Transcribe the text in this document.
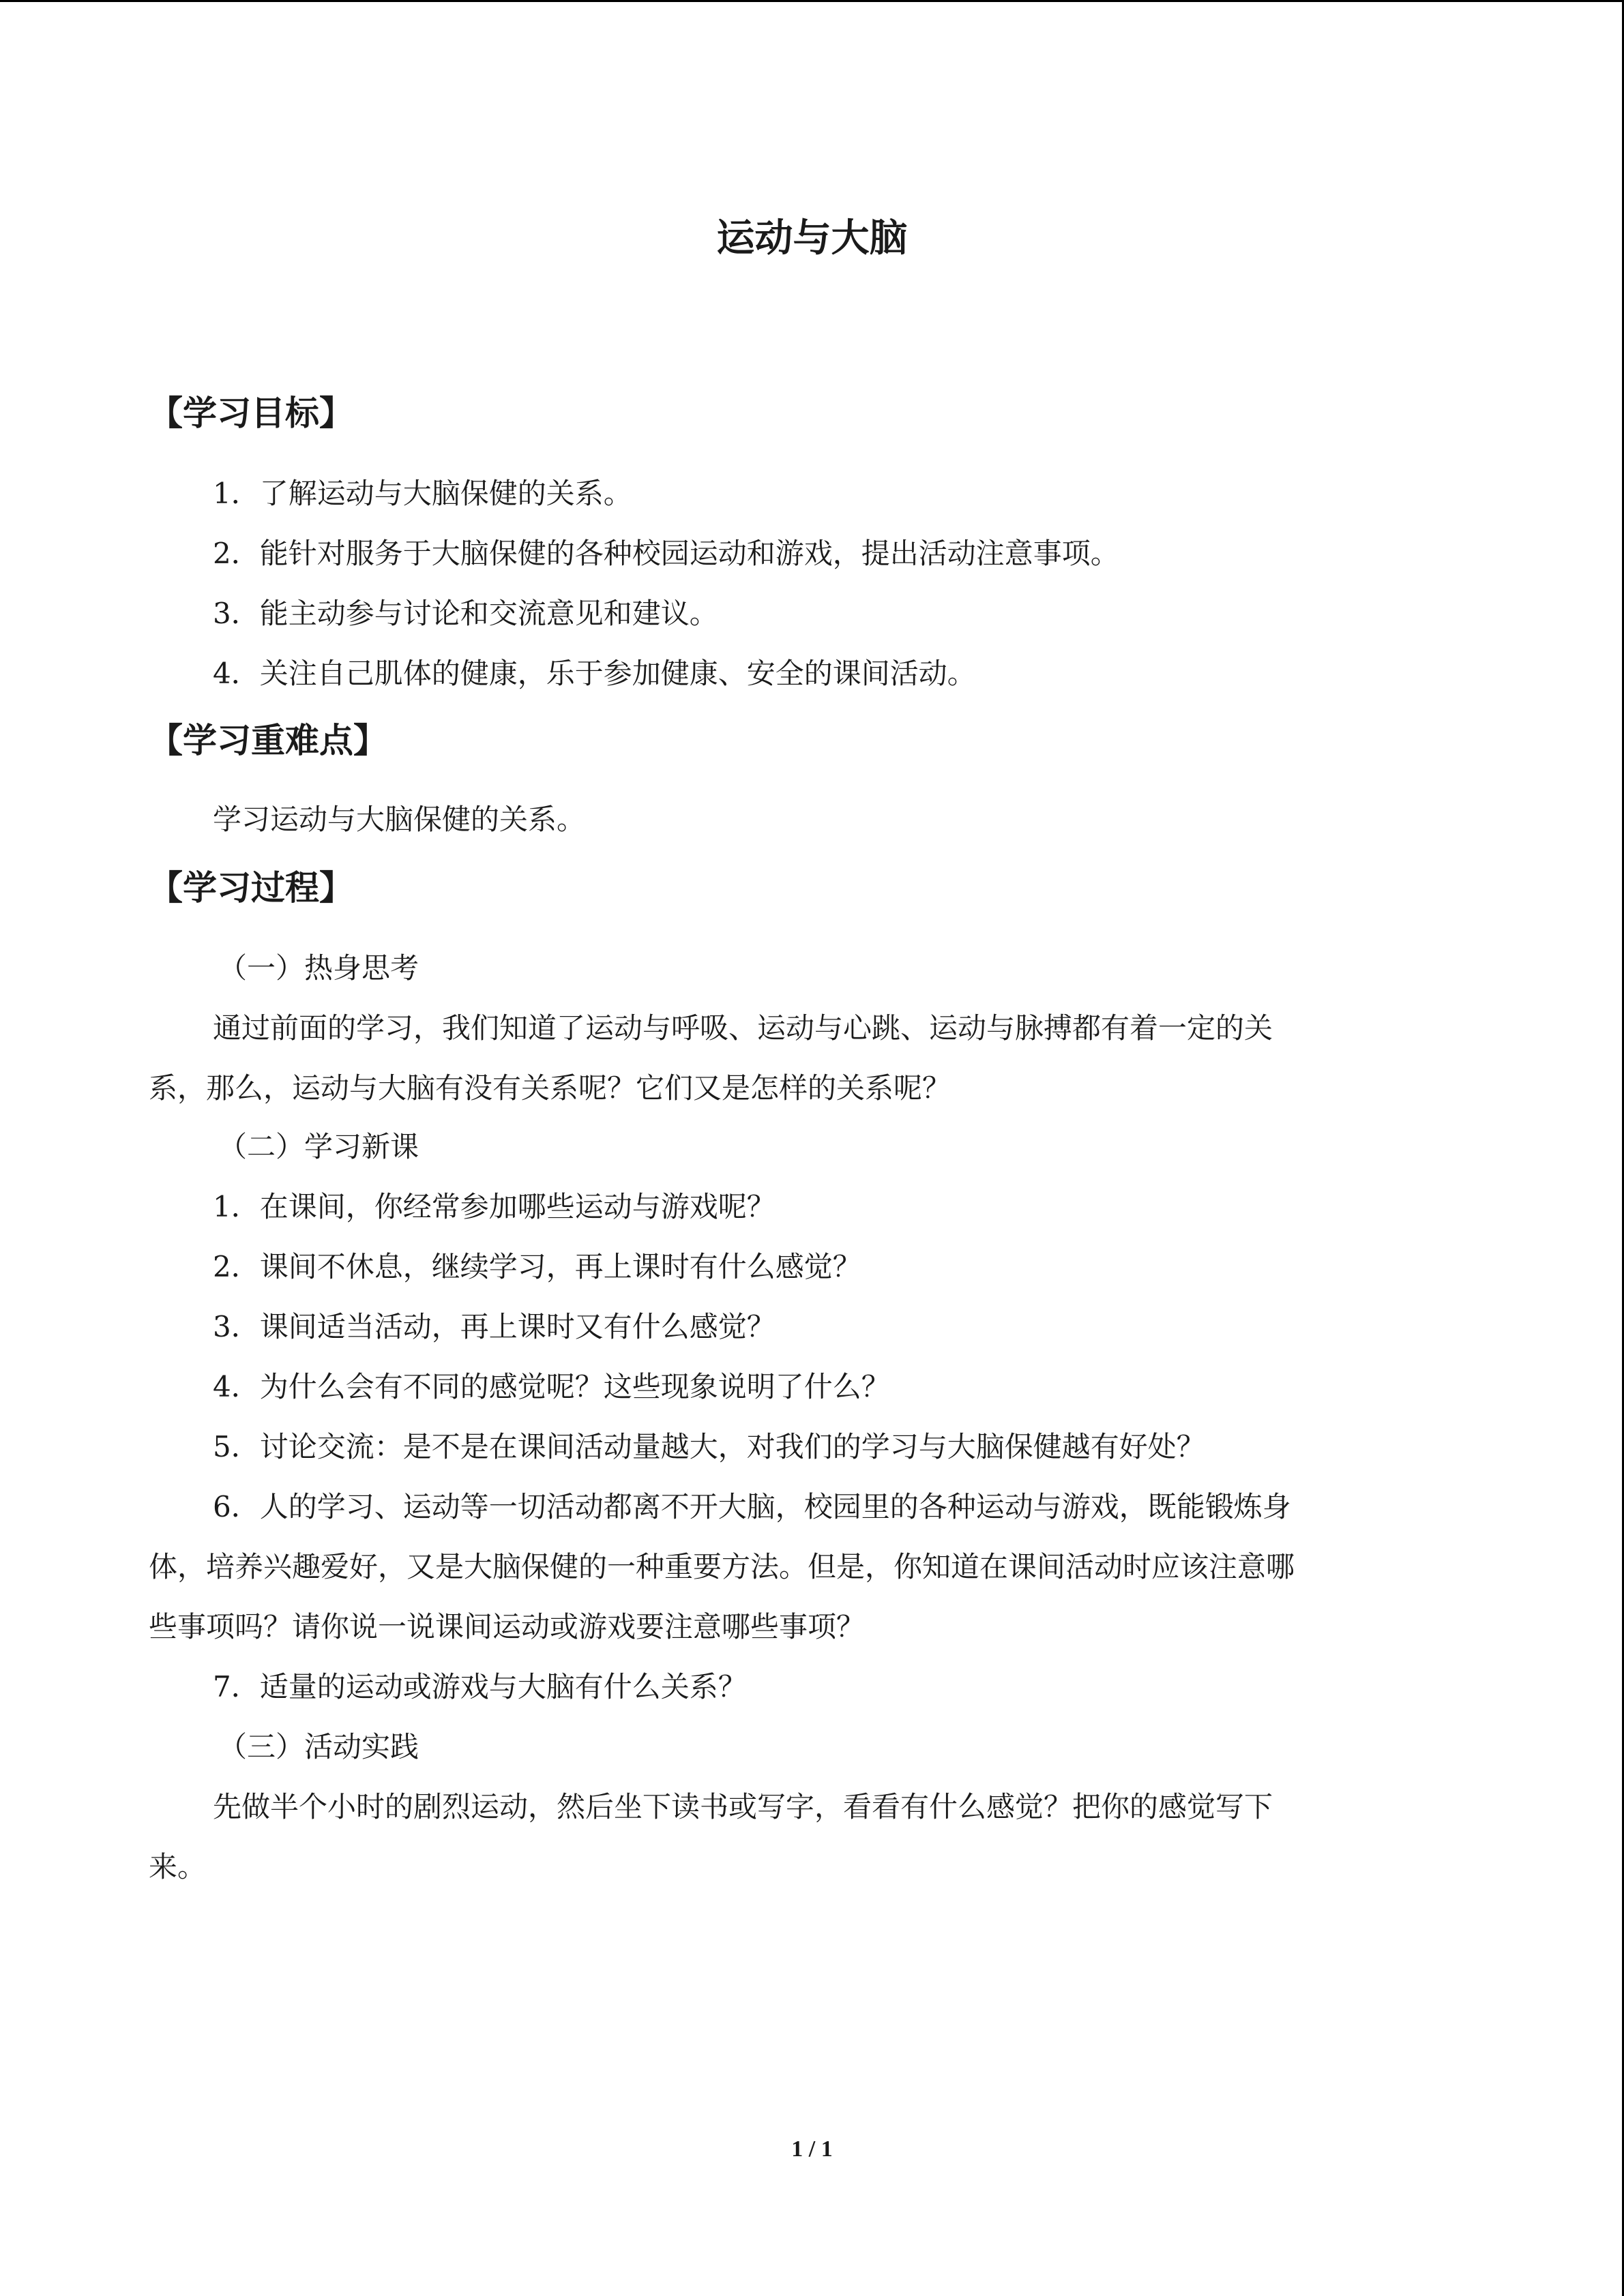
运动与大脑
【学习目标】
1．了解运动与大脑保健的关系。
2．能针对服务于大脑保健的各种校园运动和游戏，提出活动注意事项。
3．能主动参与讨论和交流意见和建议。
4．关注自己肌体的健康，乐于参加健康、安全的课间活动。
【学习重难点】
学习运动与大脑保健的关系。
【学习过程】
（一）热身思考
通过前面的学习，我们知道了运动与呼吸、运动与心跳、运动与脉搏都有着一定的关
系，那么，运动与大脑有没有关系呢？它们又是怎样的关系呢？
（二）学习新课
1．在课间，你经常参加哪些运动与游戏呢？
2．课间不休息，继续学习，再上课时有什么感觉？
3．课间适当活动，再上课时又有什么感觉？
4．为什么会有不同的感觉呢？这些现象说明了什么？
5．讨论交流：是不是在课间活动量越大，对我们的学习与大脑保健越有好处？
6．人的学习、运动等一切活动都离不开大脑，校园里的各种运动与游戏，既能锻炼身
体，培养兴趣爱好，又是大脑保健的一种重要方法。但是，你知道在课间活动时应该注意哪
些事项吗？请你说一说课间运动或游戏要注意哪些事项？
7．适量的运动或游戏与大脑有什么关系？
（三）活动实践
先做半个小时的剧烈运动，然后坐下读书或写字，看看有什么感觉？把你的感觉写下
来。
1 / 1
